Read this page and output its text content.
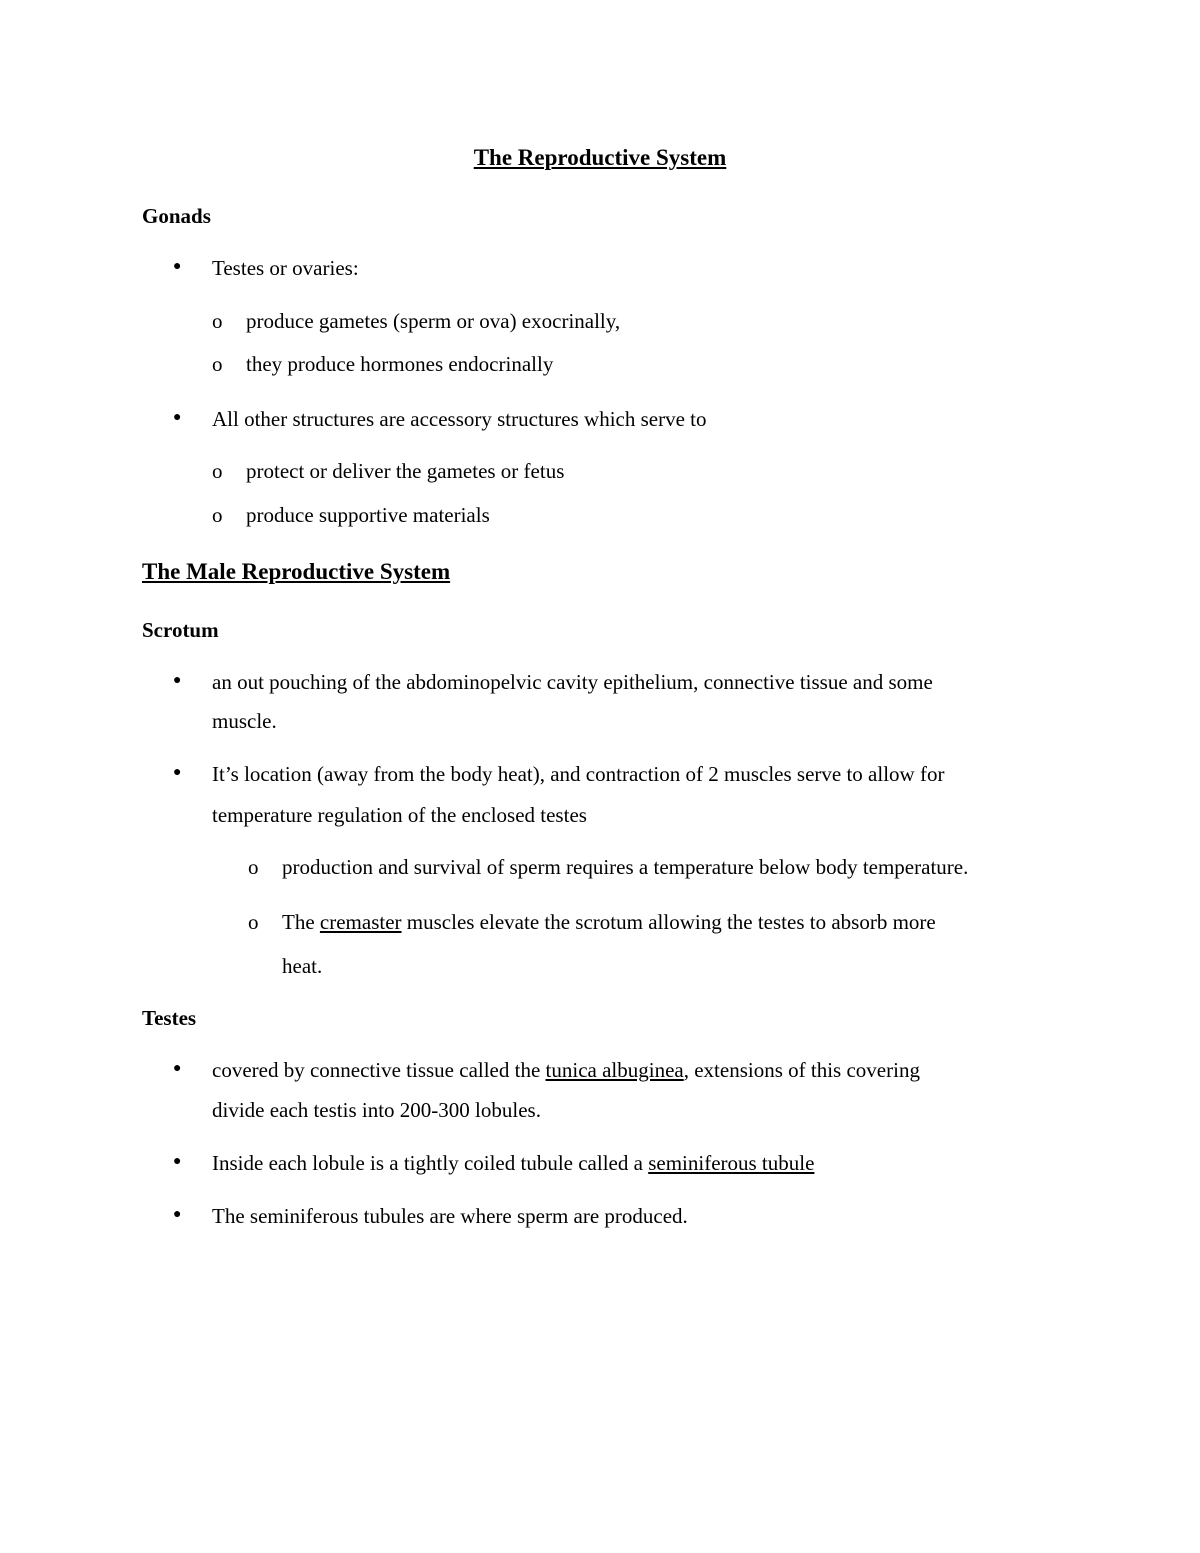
The Reproductive System
Gonads
● Testes or ovaries:
o produce gametes (sperm or ova) exocrinally,
o they produce hormones endocrinally
● All other structures are accessory structures which serve to
o protect or deliver the gametes or fetus
o produce supportive materials
The Male Reproductive System
Scrotum
● an out pouching of the abdominopelvic cavity epithelium, connective tissue and some
muscle.
● It’s location (away from the body heat), and contraction of 2 muscles serve to allow for
temperature regulation of the enclosed testes
o production and survival of sperm requires a temperature below body temperature.
o The cremaster muscles elevate the scrotum allowing the testes to absorb more
heat.
Testes
● covered by connective tissue called the tunica albuginea, extensions of this covering
divide each testis into 200-300 lobules.
● Inside each lobule is a tightly coiled tubule called a seminiferous tubule
● The seminiferous tubules are where sperm are produced.
